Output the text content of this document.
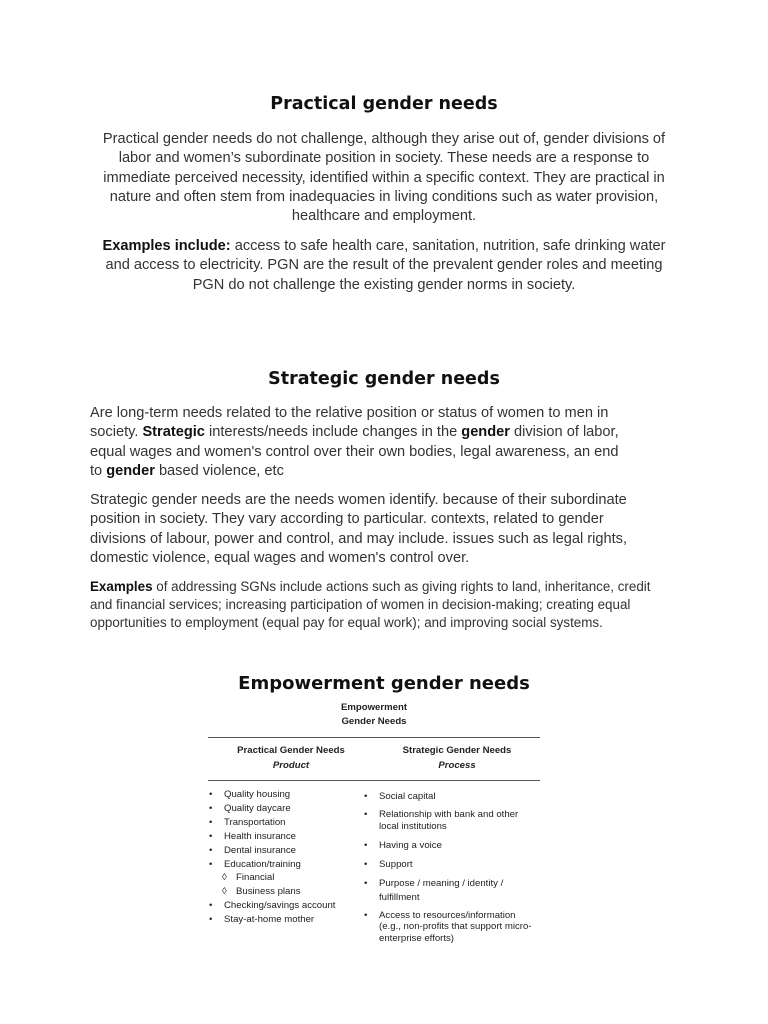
Practical gender needs
Practical gender needs do not challenge, although they arise out of, gender divisions of
labor and women’s subordinate position in society. These needs are a response to
immediate perceived necessity, identified within a specific context. They are practical in
nature and often stem from inadequacies in living conditions such as water provision,
healthcare and employment.
Examples include: access to safe health care, sanitation, nutrition, safe drinking water
and access to electricity. PGN are the result of the prevalent gender roles and meeting
PGN do not challenge the existing gender norms in society.
Strategic gender needs
Are long-term needs related to the relative position or status of women to men in
society. Strategic interests/needs include changes in the gender division of labor,
equal wages and women's control over their own bodies, legal awareness, an end
to gender based violence, etc
Strategic gender needs are the needs women identify. because of their subordinate
position in society. They vary according to particular. contexts, related to gender
divisions of labour, power and control, and may include. issues such as legal rights,
domestic violence, equal wages and women's control over.
Examples of addressing SGNs include actions such as giving rights to land, inheritance, credit
and financial services; increasing participation of women in decision-making; creating equal
opportunities to employment (equal pay for equal work); and improving social systems.
Empowerment gender needs
Empowerment
Gender Needs
Practical Gender Needs
Product
Strategic Gender Needs
Process
• Quality housing
• Quality daycare
• Transportation
• Health insurance
• Dental insurance
• Education/training
◊ Financial
◊ Business plans
• Checking/savings account
• Stay-at-home mother
• Social capital
• Relationship with bank and other local institutions
• Having a voice
• Support
• Purpose / meaning / identity / fulfillment
• Access to resources/information (e.g., non-profits that support micro-enterprise efforts)
